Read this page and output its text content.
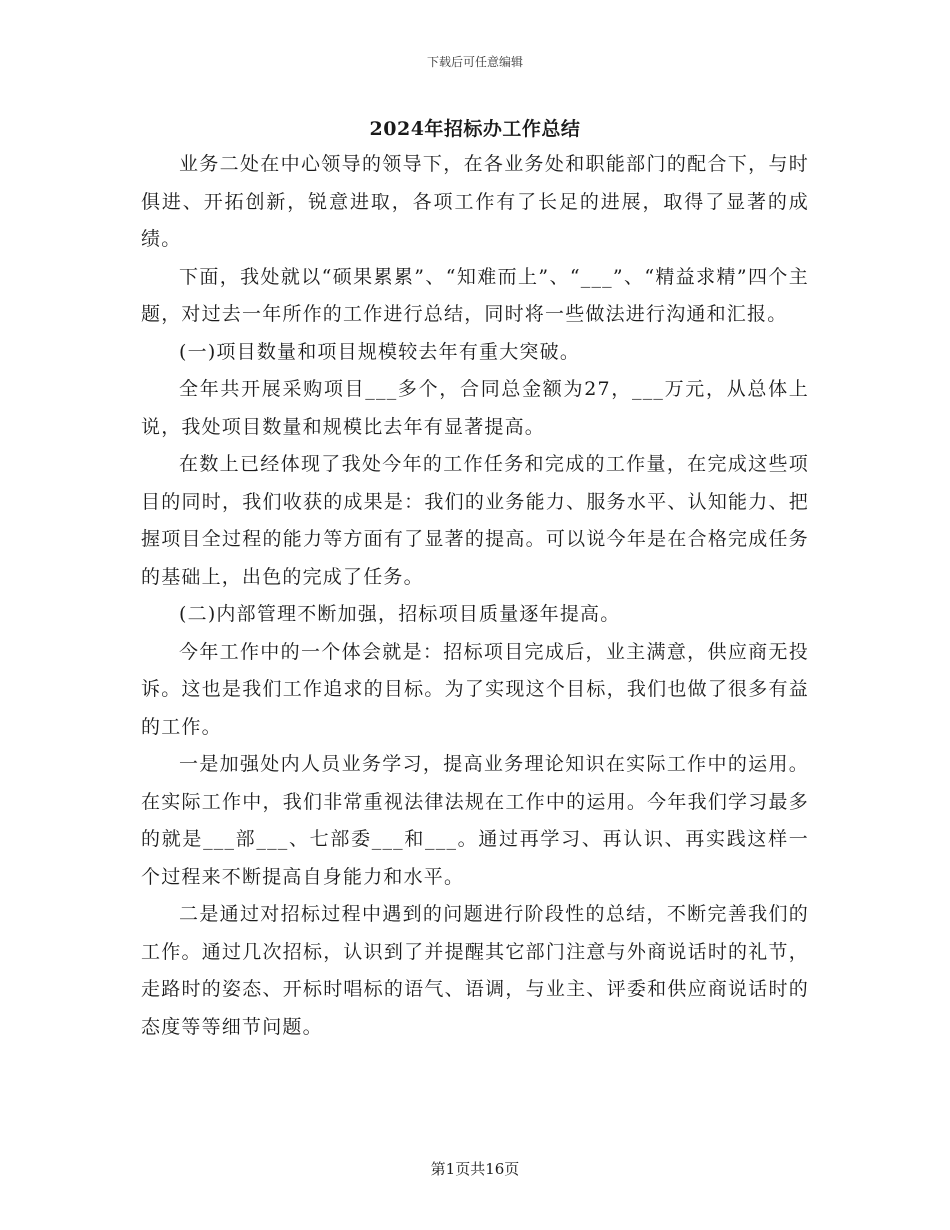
下载后可任意编辑
2024年招标办工作总结

业务二处在中心领导的领导下，在各业务处和职能部门的配合下，与时俱进、开拓创新，锐意进取，各项工作有了长足的进展，取得了显著的成绩。

下面，我处就以“硕果累累”、“知难而上”、“___”、“精益求精”四个主题，对过去一年所作的工作进行总结，同时将一些做法进行沟通和汇报。

(一)项目数量和项目规模较去年有重大突破。

全年共开展采购项目___多个，合同总金额为27，___万元，从总体上说，我处项目数量和规模比去年有显著提高。

在数上已经体现了我处今年的工作任务和完成的工作量，在完成这些项目的同时，我们收获的成果是：我们的业务能力、服务水平、认知能力、把握项目全过程的能力等方面有了显著的提高。可以说今年是在合格完成任务的基础上，出色的完成了任务。

(二)内部管理不断加强，招标项目质量逐年提高。

今年工作中的一个体会就是：招标项目完成后，业主满意，供应商无投诉。这也是我们工作追求的目标。为了实现这个目标，我们也做了很多有益的工作。

一是加强处内人员业务学习，提高业务理论知识在实际工作中的运用。在实际工作中，我们非常重视法律法规在工作中的运用。今年我们学习最多的就是___部___、七部委___和___。通过再学习、再认识、再实践这样一个过程来不断提高自身能力和水平。

二是通过对招标过程中遇到的问题进行阶段性的总结，不断完善我们的工作。通过几次招标，认识到了并提醒其它部门注意与外商说话时的礼节，走路时的姿态、开标时唱标的语气、语调，与业主、评委和供应商说话时的态度等等细节问题。

第1页共16页
